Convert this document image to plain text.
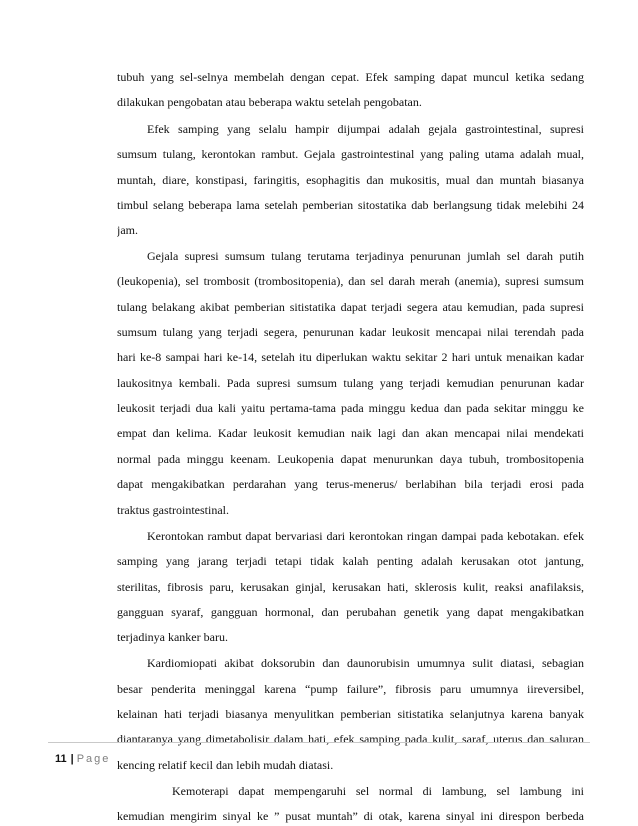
tubuh yang sel-selnya membelah dengan cepat. Efek samping dapat muncul ketika sedang
dilakukan pengobatan atau beberapa waktu setelah pengobatan.
Efek samping yang selalu hampir dijumpai adalah gejala gastrointestinal, supresi
sumsum tulang, kerontokan rambut. Gejala gastrointestinal yang paling utama adalah mual,
muntah, diare, konstipasi, faringitis, esophagitis dan mukositis, mual dan muntah biasanya
timbul selang beberapa lama setelah pemberian sitostatika dab berlangsung tidak melebihi 24
jam.
Gejala supresi sumsum tulang terutama terjadinya penurunan jumlah sel darah putih
(leukopenia), sel trombosit (trombositopenia), dan sel darah merah (anemia), supresi sumsum
tulang belakang akibat pemberian sitistatika dapat terjadi segera atau kemudian, pada supresi
sumsum tulang yang terjadi segera, penurunan kadar leukosit mencapai nilai terendah pada
hari ke-8 sampai hari ke-14, setelah itu diperlukan waktu sekitar 2 hari untuk menaikan kadar
laukositnya kembali. Pada supresi sumsum tulang yang terjadi kemudian penurunan kadar
leukosit terjadi dua kali yaitu pertama-tama pada minggu kedua dan pada sekitar minggu ke
empat dan kelima. Kadar leukosit kemudian naik lagi dan akan mencapai nilai mendekati
normal pada minggu keenam. Leukopenia dapat menurunkan daya tubuh, trombositopenia
dapat mengakibatkan perdarahan yang terus-menerus/ berlabihan bila terjadi erosi pada
traktus gastrointestinal.
Kerontokan rambut dapat bervariasi dari kerontokan ringan dampai pada kebotakan. efek
samping yang jarang terjadi tetapi tidak kalah penting adalah kerusakan otot jantung,
sterilitas, fibrosis paru, kerusakan ginjal, kerusakan hati, sklerosis kulit, reaksi anafilaksis,
gangguan syaraf, gangguan hormonal, dan perubahan genetik yang dapat mengakibatkan
terjadinya kanker baru.
Kardiomiopati akibat doksorubin dan daunorubisin umumnya sulit diatasi, sebagian
besar penderita meninggal karena “pump failure”, fibrosis paru umumnya iireversibel,
kelainan hati terjadi biasanya menyulitkan pemberian sitistatika selanjutnya karena banyak
diantaranya yang dimetabolisir dalam hati, efek samping pada kulit, saraf, uterus dan saluran
kencing relatif kecil dan lebih mudah diatasi.
Kemoterapi dapat mempengaruhi sel normal di lambung, sel lambung ini
kemudian mengirim sinyal ke ” pusat muntah” di otak, karena sinyal ini direspon berbeda
11 | Page
